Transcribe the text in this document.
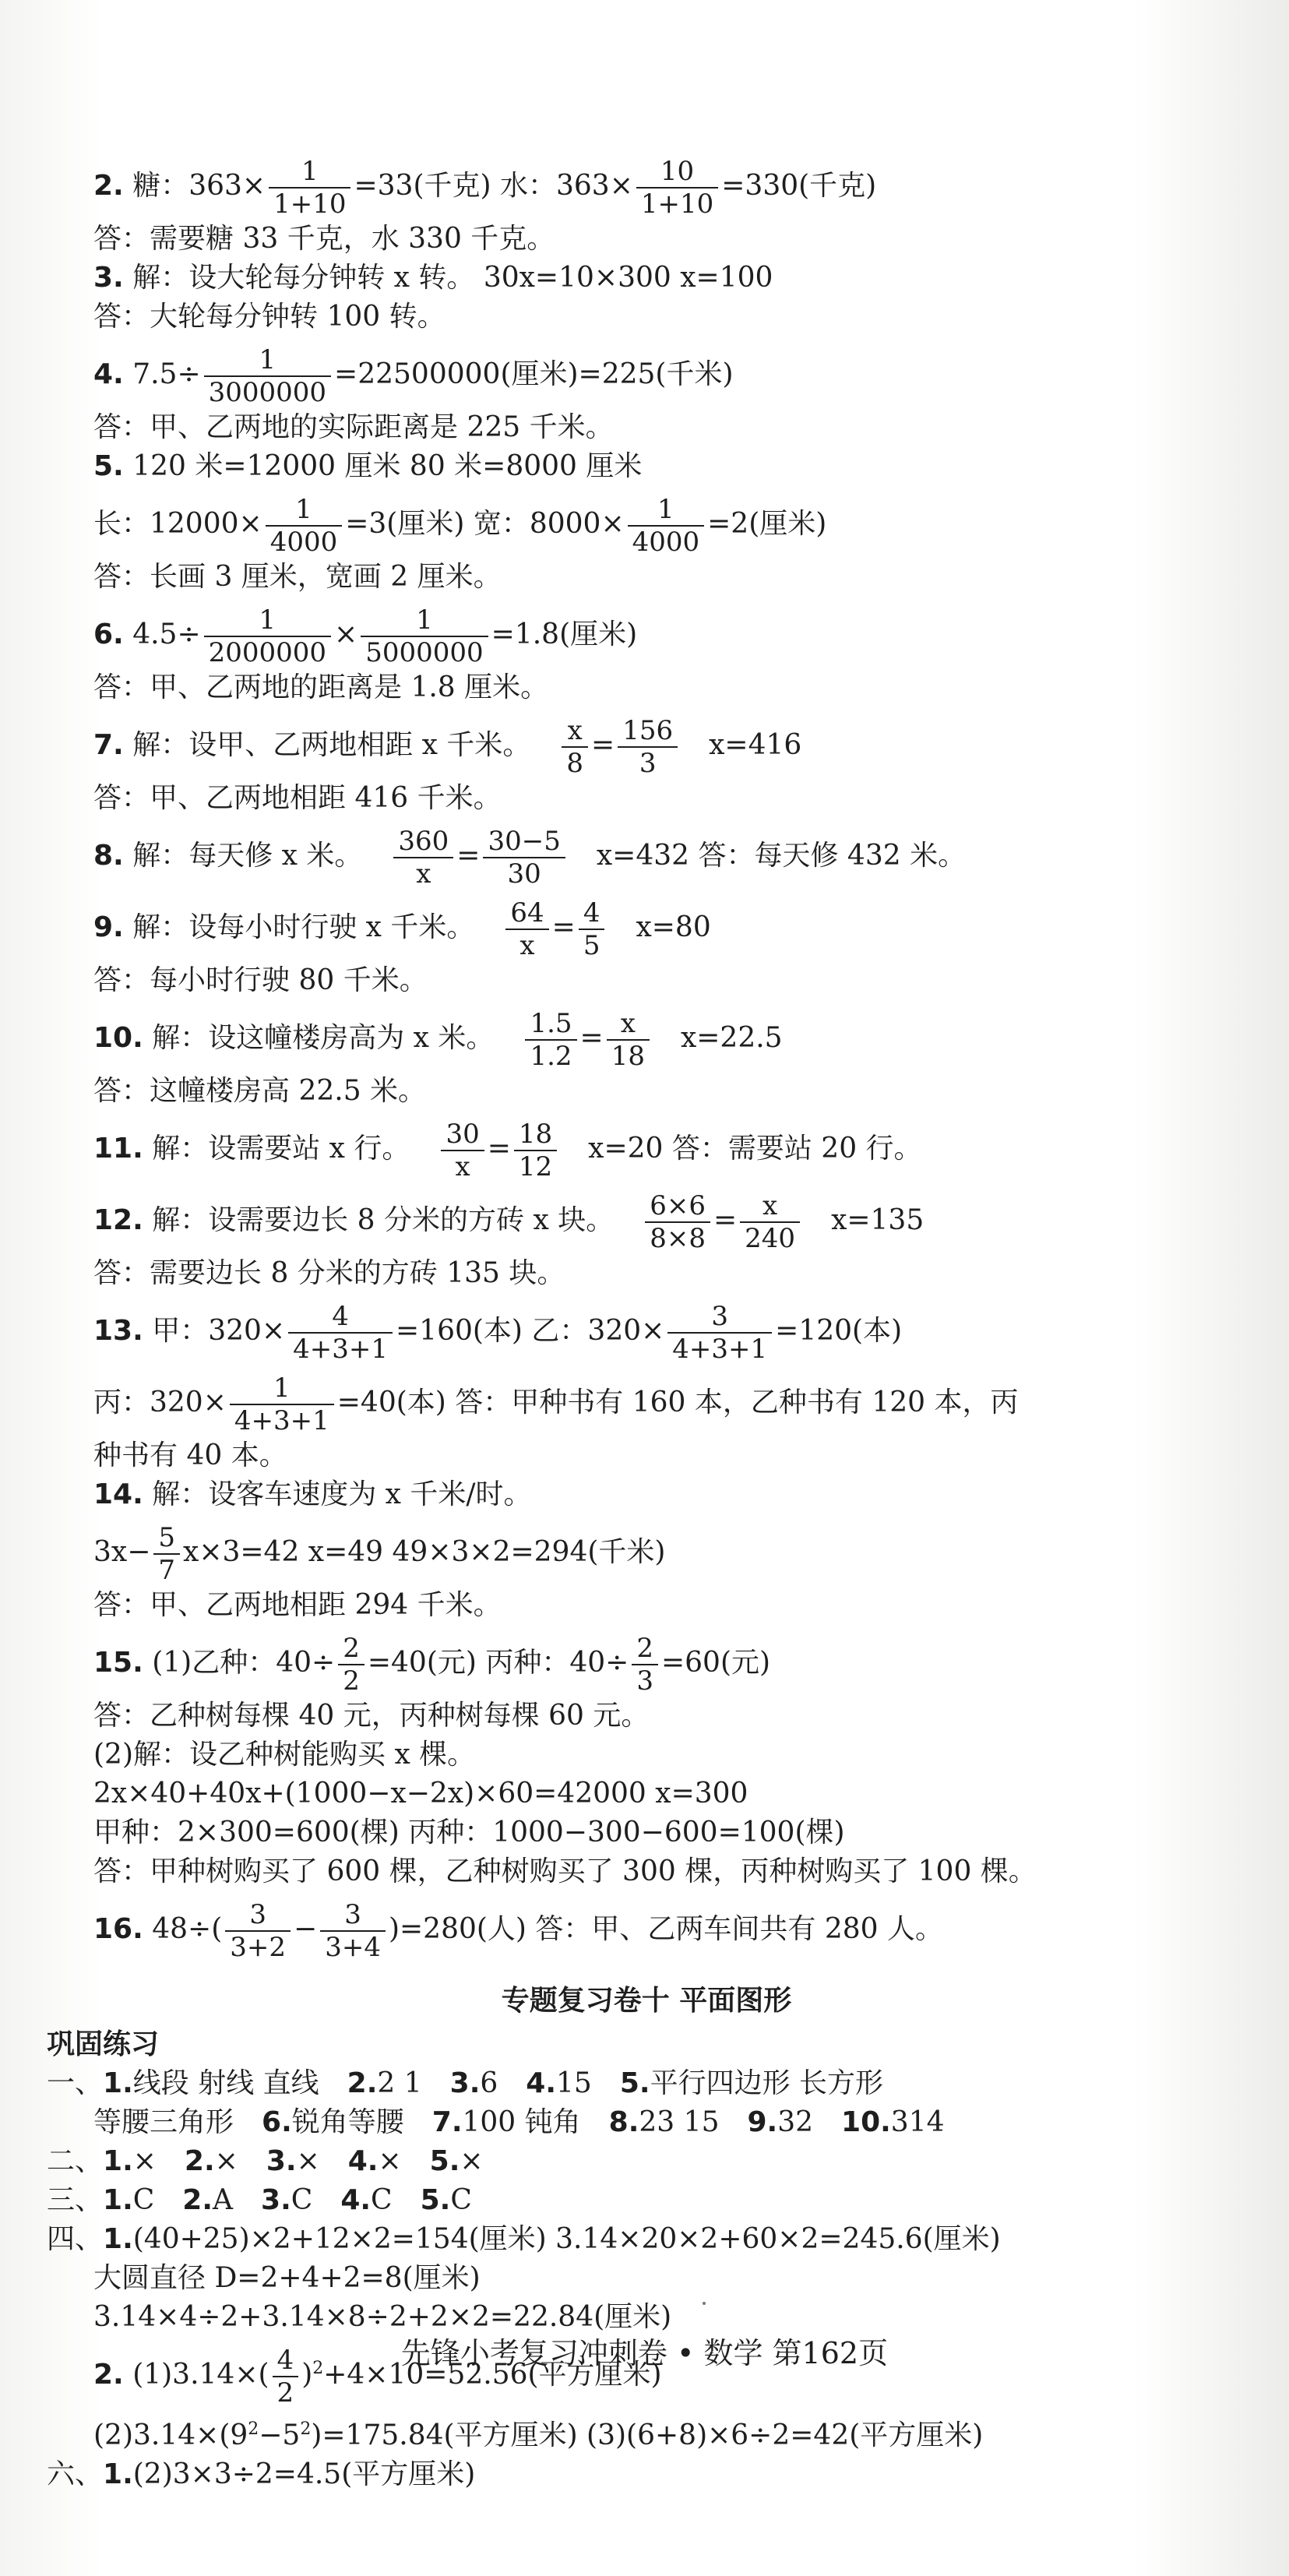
2. 糖：$363\times \frac{1}{1+10} =33$(千克) 水：$363\times \frac{10}{1+10} =330$(千克)
答：需要糖 33 千克，水 330 千克。
3. 解：设大轮每分钟转 x 转。 30x=10×300 x=100
答：大轮每分钟转 100 转。
4. $7.5\div \frac{1}{3000000} =22500000$(厘米)=225(千米)
答：甲、乙两地的实际距离是 225 千米。
5. 120 米=12000 厘米 80 米=8000 厘米
长：$12000\times \frac{1}{4000} =3$(厘米) 宽：$8000\times \frac{1}{4000} =2$(厘米)
答：长画 3 厘米，宽画 2 厘米。
6. $4.5\div \frac{1}{2000000} \times \frac{1}{5000000} =1.8$(厘米)
答：甲、乙两地的距离是 1.8 厘米。
7. 解：设甲、乙两地相距 x 千米。 $\frac{x}{8} = \frac{156}{3} x=416$
答：甲、乙两地相距 416 千米。
8. 解：每天修 x 米。 $\frac{360}{x} = \frac{30-5}{30} x=432$ 答：每天修 432 米。
9. 解：设每小时行驶 x 千米。 $\frac{64}{x} = \frac{4}{5} x=80$
答：每小时行驶 80 千米。
10. 解：设这幢楼房高为 x 米。 $\frac{1.5}{1.2} = \frac{x}{18} x=22.5$
答：这幢楼房高 22.5 米。
11. 解：设需要站 x 行。 $\frac{30}{x} = \frac{18}{12} x=20$ 答：需要站 20 行。
12. 解：设需要边长 8 分米的方砖 x 块。 $\frac{6\times 6}{8\times 8} = \frac{x}{240} x=135$
答：需要边长 8 分米的方砖 135 块。
13. 甲：$320\times \frac{4}{4+3+1} =160$(本) 乙：$320\times \frac{3}{4+3+1} =120$(本)
丙：$320\times \frac{1}{4+3+1} =40$(本) 答：甲种书有 160 本，乙种书有 120 本，丙
种书有 40 本。
14. 解：设客车速度为 x 千米/时。
$3x- \frac{5}{7} x\times 3=42$ x=49 49×3×2=294(千米)
答：甲、乙两地相距 294 千米。
15. (1)乙种：$40\div \frac{2}{2} =40$(元) 丙种：$40\div \frac{2}{3} =60$(元)
答：乙种树每棵 40 元，丙种树每棵 60 元。
(2)解：设乙种树能购买 x 棵。
2x×40+40x+(1000−x−2x)×60=42000 x=300
甲种：2×300=600(棵) 丙种：1000−300−600=100(棵)
答：甲种树购买了 600 棵，乙种树购买了 300 棵，丙种树购买了 100 棵。
16. $48\div( \frac{3}{3+2} - \frac{3}{3+4} )=280$(人) 答：甲、乙两车间共有 280 人。
专题复习卷十 平面图形
巩固练习
一、1.线段 射线 直线 2.2 1 3.6 4.15 5.平行四边形 长方形
等腰三角形 6.锐角等腰 7.100 钝角 8.23 15 9.32 10.314
二、1.× 2.× 3.× 4.× 5.×
三、1.C 2.A 3.C 4.C 5.C
四、1.(40+25)×2+12×2=154(厘米) 3.14×20×2+60×2=245.6(厘米)
大圆直径 D=2+4+2=8(厘米)
3.14×4÷2+3.14×8÷2+2×2=22.84(厘米)
2. $(1)3.14\times( \frac{4}{2} )^2+4\times 10=52.56$(平方厘米)
$(2)3.14\times(9^2-5^2)=175.84$(平方厘米) (3)(6+8)×6÷2=42(平方厘米)
六、1.(2)3×3÷2=4.5(平方厘米)
先锋小考复习冲刺卷 • 数学 第162页
